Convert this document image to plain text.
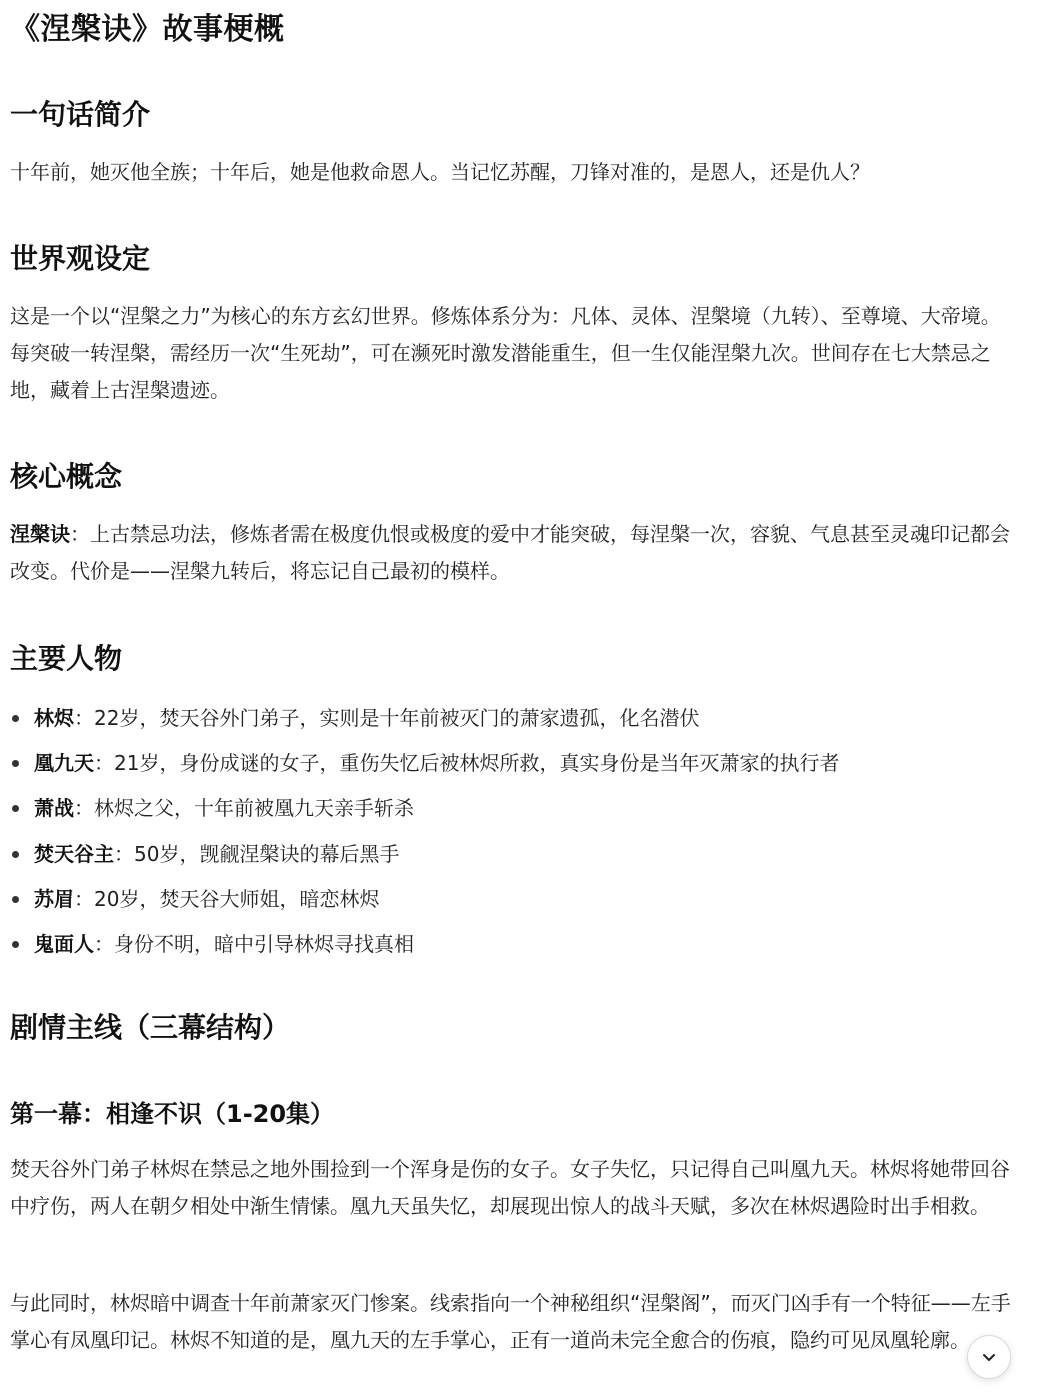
《涅槃诀》故事梗概
一句话简介

十年前，她灭他全族；十年后，她是他救命恩人。当记忆苏醒，刀锋对准的，是恩人，还是仇人？

世界观设定

这是一个以“涅槃之力”为核心的东方玄幻世界。修炼体系分为：凡体、灵体、涅槃境（九转）、至尊境、大帝境。每突破一转涅槃，需经历一次“生死劫”，可在濒死时激发潜能重生，但一生仅能涅槃九次。世间存在七大禁忌之地，藏着上古涅槃遗迹。

核心概念

涅槃诀：上古禁忌功法，修炼者需在极度仇恨或极度的爱中才能突破，每涅槃一次，容貌、气息甚至灵魂印记都会改变。代价是——涅槃九转后，将忘记自己最初的模样。

主要人物
林烬：22岁，焚天谷外门弟子，实则是十年前被灭门的萧家遗孤，化名潜伏
凰九天：21岁，身份成谜的女子，重伤失忆后被林烬所救，真实身份是当年灭萧家的执行者
萧战：林烬之父，十年前被凰九天亲手斩杀
焚天谷主：50岁，觊觎涅槃诀的幕后黑手
苏眉：20岁，焚天谷大师姐，暗恋林烬
鬼面人：身份不明，暗中引导林烬寻找真相
剧情主线（三幕结构）
第一幕：相逢不识（1-20集）

焚天谷外门弟子林烬在禁忌之地外围捡到一个浑身是伤的女子。女子失忆，只记得自己叫凰九天。林烬将她带回谷中疗伤，两人在朝夕相处中渐生情愫。凰九天虽失忆，却展现出惊人的战斗天赋，多次在林烬遇险时出手相救。

与此同时，林烬暗中调查十年前萧家灭门惨案。线索指向一个神秘组织“涅槃阁”，而灭门凶手有一个特征——左手掌心有凤凰印记。林烬不知道的是，凰九天的左手掌心，正有一道尚未完全愈合的伤痕，隐约可见凤凰轮廓。
